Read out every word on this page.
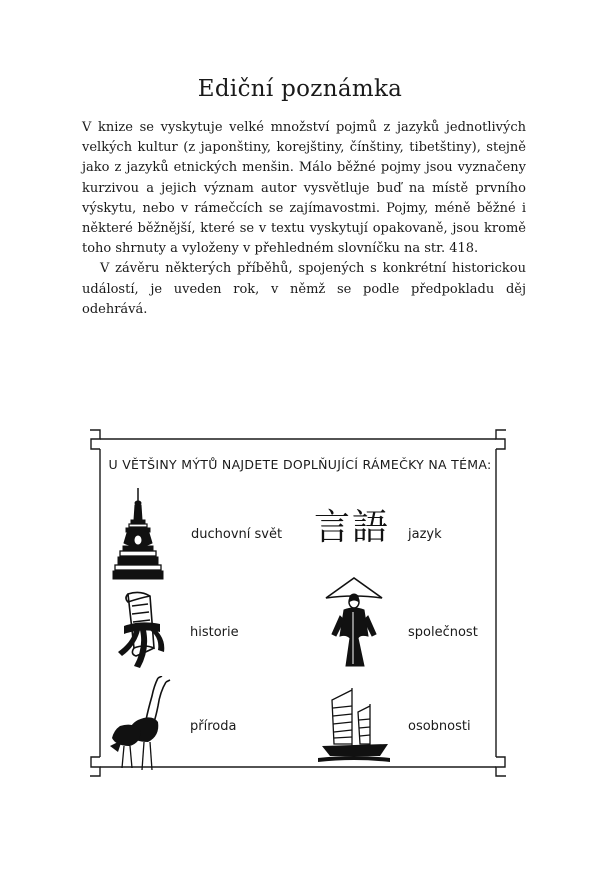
Ediční poznámka

V knize se vyskytuje velké množství pojmů z jazyků jednotlivých velkých kultur (z japonštiny, korejštiny, čínštiny, tibetštiny), stejně jako z jazyků etnických menšin. Málo běžné pojmy jsou vyznačeny kurzivou a jejich význam autor vysvětluje buď na místě prvního výskytu, nebo v rámečcích se zajímavostmi. Pojmy, méně běžné i některé běžnější, které se v textu vyskytují opakovaně, jsou kromě toho shrnuty a vyloženy v přehledném slovníčku na str. 418.

V závěru některých příběhů, spojených s konkrétní historickou událostí, je uveden rok, v němž se podle předpokladu děj odehrává.

U VĚTŠINY MÝTŮ NAJDETE DOPLŇUJÍCÍ RÁMEČKY NA TÉMA:
duchovní svět 言語 jazyk
historie	společnost
příroda	osobnosti
